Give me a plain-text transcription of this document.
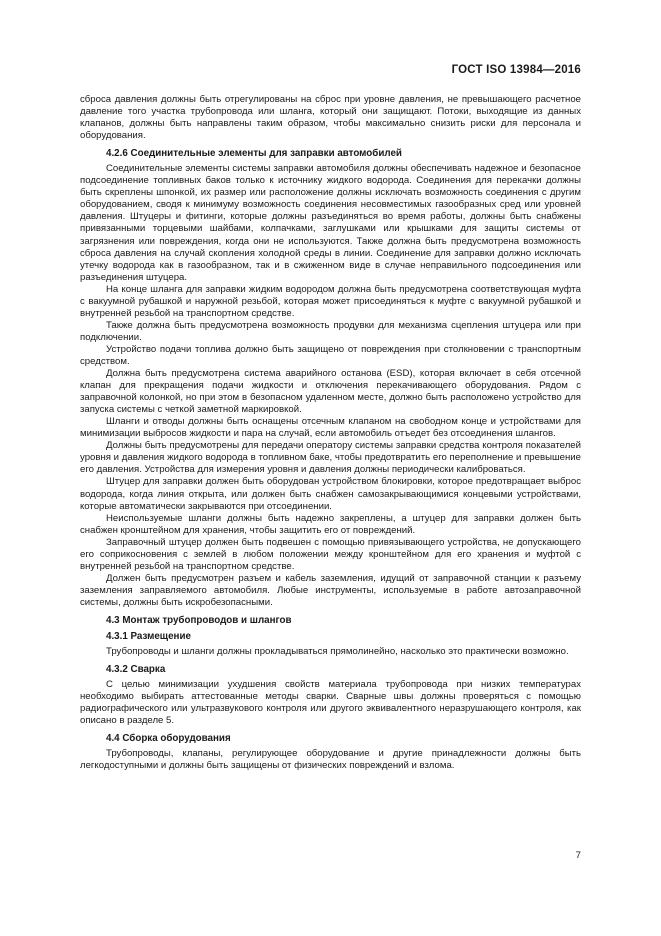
ГОСТ ISO 13984—2016

сброса давления должны быть отрегулированы на сброс при уровне давления, не превышающего расчетное давление того участка трубопровода или шланга, который они защищают. Потоки, выходящие из данных клапанов, должны быть направлены таким образом, чтобы максимально снизить риски для персонала и оборудования.

4.2.6 Соединительные элементы для заправки автомобилей

Соединительные элементы системы заправки автомобиля должны обеспечивать надежное и безопасное подсоединение топливных баков только к источнику жидкого водорода. Соединения для перекачки должны быть скреплены шпонкой, их размер или расположение должны исключать возможность соединения с другим оборудованием, сводя к минимуму возможность соединения несовместимых газообразных сред или уровней давления. Штуцеры и фитинги, которые должны разъединяться во время работы, должны быть снабжены привязанными торцевыми шайбами, колпачками, заглушками или крышками для защиты системы от загрязнения или повреждения, когда они не используются. Также должна быть предусмотрена возможность сброса давления на случай скопления холодной среды в линии. Соединение для заправки должно исключать утечку водорода как в газообразном, так и в сжиженном виде в случае неправильного подсоединения или разъединения штуцера.

На конце шланга для заправки жидким водородом должна быть предусмотрена соответствующая муфта с вакуумной рубашкой и наружной резьбой, которая может присоединяться к муфте с вакуумной рубашкой и внутренней резьбой на транспортном средстве.

Также должна быть предусмотрена возможность продувки для механизма сцепления штуцера или при подключении.

Устройство подачи топлива должно быть защищено от повреждения при столкновении с транспортным средством.

Должна быть предусмотрена система аварийного останова (ESD), которая включает в себя отсечной клапан для прекращения подачи жидкости и отключения перекачивающего оборудования. Рядом с заправочной колонкой, но при этом в безопасном удаленном месте, должно быть расположено устройство для запуска системы с четкой заметной маркировкой.

Шланги и отводы должны быть оснащены отсечным клапаном на свободном конце и устройствами для минимизации выбросов жидкости и пара на случай, если автомобиль отъедет без отсоединения шлангов.

Должны быть предусмотрены для передачи оператору системы заправки средства контроля показателей уровня и давления жидкого водорода в топливном баке, чтобы предотвратить его переполнение и превышение его давления. Устройства для измерения уровня и давления должны периодически калиброваться.

Штуцер для заправки должен быть оборудован устройством блокировки, которое предотвращает выброс водорода, когда линия открыта, или должен быть снабжен самозакрывающимися концевыми устройствами, которые автоматически закрываются при отсоединении.

Неиспользуемые шланги должны быть надежно закреплены, а штуцер для заправки должен быть снабжен кронштейном для хранения, чтобы защитить его от повреждений.

Заправочный штуцер должен быть подвешен с помощью привязывающего устройства, не допускающего его соприкосновения с землей в любом положении между кронштейном для его хранения и муфтой с внутренней резьбой на транспортном средстве.

Должен быть предусмотрен разъем и кабель заземления, идущий от заправочной станции к разъему заземления заправляемого автомобиля. Любые инструменты, используемые в работе автозаправочной системы, должны быть искробезопасными.

4.3 Монтаж трубопроводов и шлангов
4.3.1 Размещение

Трубопроводы и шланги должны прокладываться прямолинейно, насколько это практически возможно.

4.3.2 Сварка

С целью минимизации ухудшения свойств материала трубопровода при низких температурах необходимо выбирать аттестованные методы сварки. Сварные швы должны проверяться с помощью радиографического или ультразвукового контроля или другого эквивалентного неразрушающего контроля, как описано в разделе 5.

4.4 Сборка оборудования

Трубопроводы, клапаны, регулирующее оборудование и другие принадлежности должны быть легкодоступными и должны быть защищены от физических повреждений и взлома.

7
